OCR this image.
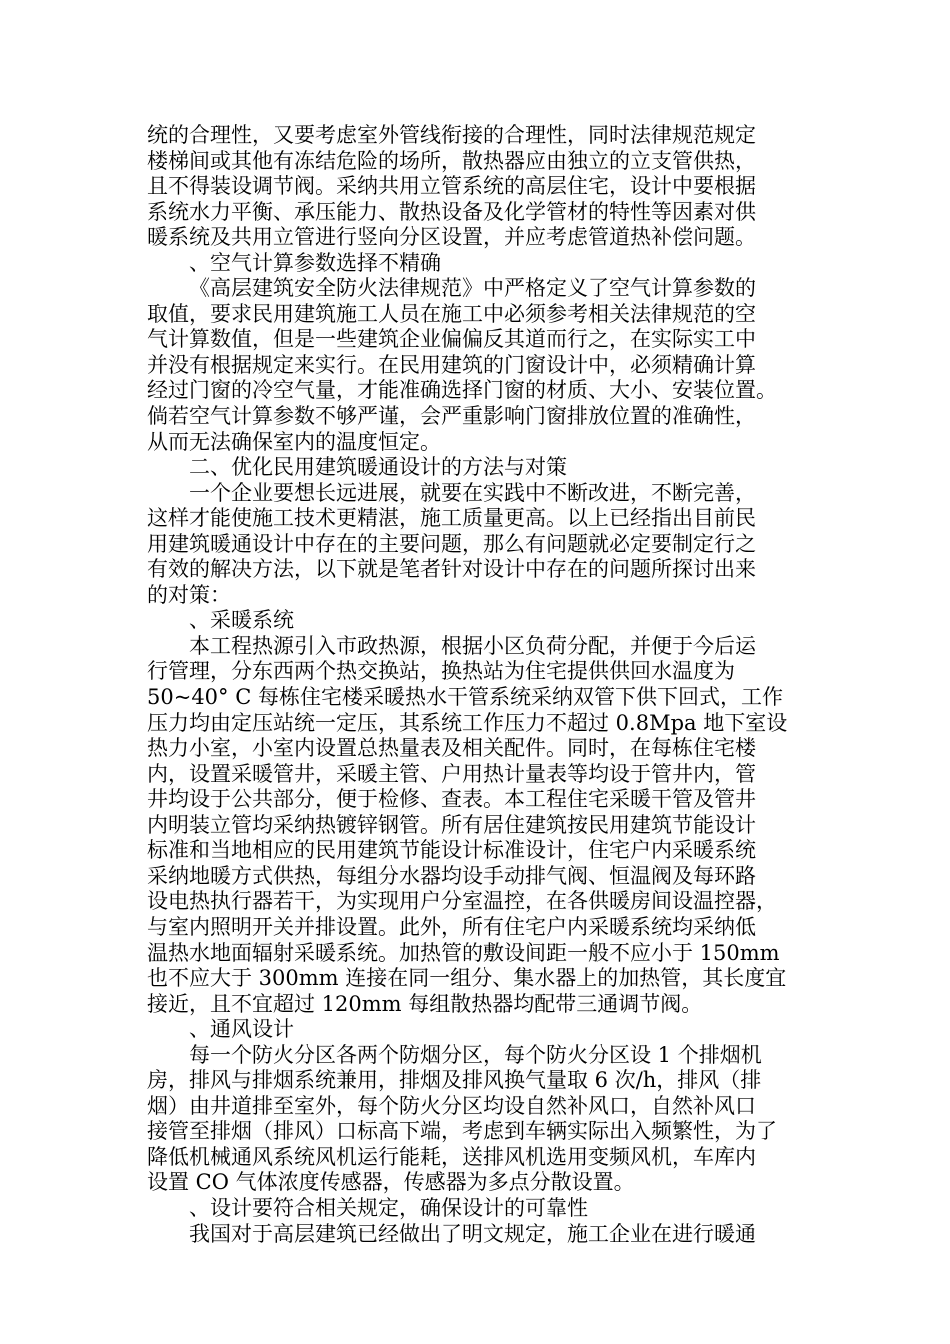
统的合理性，又要考虑室外管线衔接的合理性，同时法律规范规定
楼梯间或其他有冻结危险的场所，散热器应由独立的立支管供热，
且不得装设调节阀。采纳共用立管系统的高层住宅，设计中要根据
系统水力平衡、承压能力、散热设备及化学管材的特性等因素对供
暖系统及共用立管进行竖向分区设置，并应考虑管道热补偿问题。
、空气计算参数选择不精确
《高层建筑安全防火法律规范》中严格定义了空气计算参数的
取值，要求民用建筑施工人员在施工中必须参考相关法律规范的空
气计算数值，但是一些建筑企业偏偏反其道而行之，在实际实工中
并没有根据规定来实行。在民用建筑的门窗设计中，必须精确计算
经过门窗的冷空气量，才能准确选择门窗的材质、大小、安装位置。
倘若空气计算参数不够严谨，会严重影响门窗排放位置的准确性，
从而无法确保室内的温度恒定。
二、优化民用建筑暖通设计的方法与对策
一个企业要想长远进展，就要在实践中不断改进，不断完善，
这样才能使施工技术更精湛，施工质量更高。以上已经指出目前民
用建筑暖通设计中存在的主要问题，那么有问题就必定要制定行之
有效的解决方法，以下就是笔者针对设计中存在的问题所探讨出来
的对策：
、采暖系统
本工程热源引入市政热源，根据小区负荷分配，并便于今后运
行管理，分东西两个热交换站，换热站为住宅提供供回水温度为
50~40° C 每栋住宅楼采暖热水干管系统采纳双管下供下回式，工作
压力均由定压站统一定压，其系统工作压力不超过 0.8Mpa 地下室设
热力小室，小室内设置总热量表及相关配件。同时，在每栋住宅楼
内，设置采暖管井，采暖主管、户用热计量表等均设于管井内，管
井均设于公共部分，便于检修、查表。本工程住宅采暖干管及管井
内明装立管均采纳热镀锌钢管。所有居住建筑按民用建筑节能设计
标准和当地相应的民用建筑节能设计标准设计，住宅户内采暖系统
采纳地暖方式供热，每组分水器均设手动排气阀、恒温阀及每环路
设电热执行器若干，为实现用户分室温控，在各供暖房间设温控器，
与室内照明开关并排设置。此外，所有住宅户内采暖系统均采纳低
温热水地面辐射采暖系统。加热管的敷设间距一般不应小于 150mm
也不应大于 300mm 连接在同一组分、集水器上的加热管，其长度宜
接近，且不宜超过 120mm 每组散热器均配带三通调节阀。
、通风设计
每一个防火分区各两个防烟分区，每个防火分区设 1 个排烟机
房，排风与排烟系统兼用，排烟及排风换气量取 6 次/h，排风（排
烟）由井道排至室外，每个防火分区均设自然补风口，自然补风口
接管至排烟（排风）口标高下端，考虑到车辆实际出入频繁性，为了
降低机械通风系统风机运行能耗，送排风机选用变频风机，车库内
设置 CO 气体浓度传感器，传感器为多点分散设置。
、设计要符合相关规定，确保设计的可靠性
我国对于高层建筑已经做出了明文规定，施工企业在进行暖通
